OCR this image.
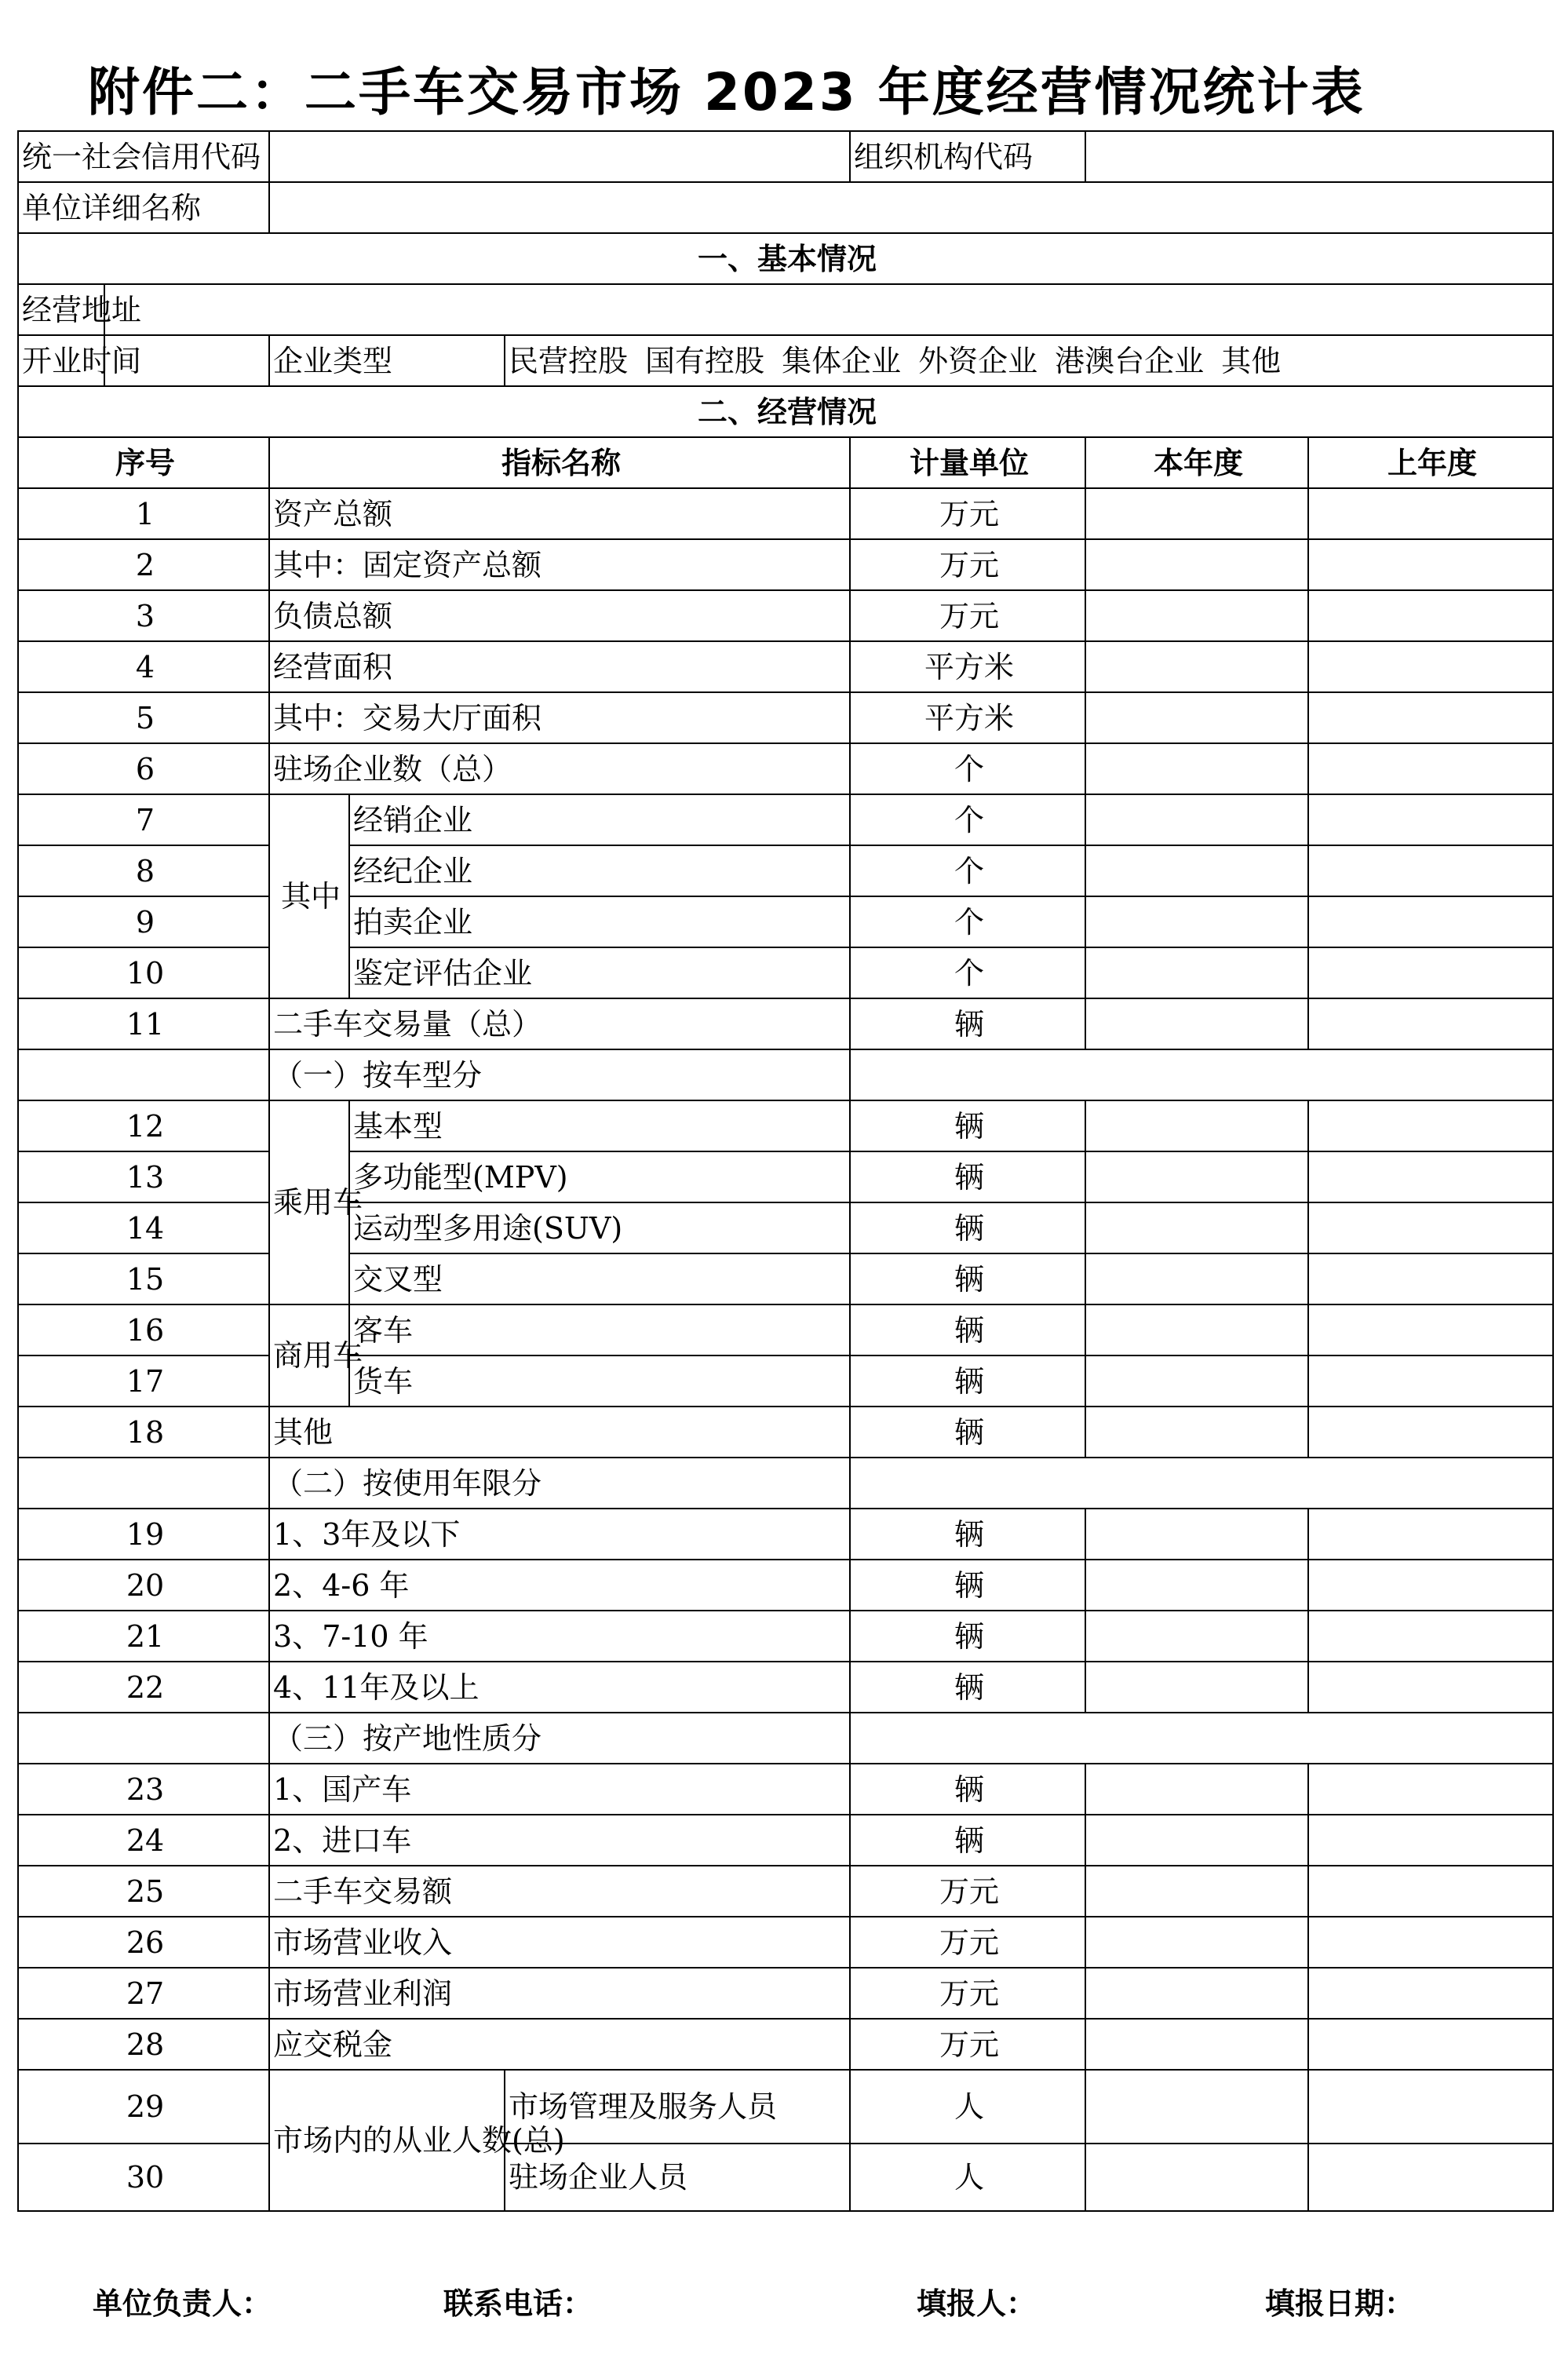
附件二：二手车交易市场 2023 年度经营情况统计表
统一社会信用代码					组织机构代码		
单位详细名称							
一、基本情况							
经营地址							
开业时间		企业类型		民营控股 国有控股 集体企业 外资企业 港澳台企业 其他			
二、经营情况							
序号		指标名称			计量单位	本年度	上年度
1		资产总额			万元		
2		其中：固定资产总额			万元		
3		负债总额			万元		
4		经营面积			平方米		
5		其中：交易大厅面积			平方米		
6		驻场企业数（总）			个		
7		其中	经销企业		个		
8			经纪企业		个		
9			拍卖企业		个		
10			鉴定评估企业		个		
11		二手车交易量（总）			辆		
		（一）按车型分					
12		乘用车	基本型		辆		
13			多功能型(MPV)		辆		
14			运动型多用途(SUV)		辆		
15			交叉型		辆		
16		商用车	客车		辆		
17			货车		辆		
18		其他			辆		
		（二）按使用年限分					
19		1、3年及以下			辆		
20		2、4-6 年			辆		
21		3、7-10 年			辆		
22		4、11年及以上			辆		
		（三）按产地性质分					
23		1、国产车			辆		
24		2、进口车			辆		
25		二手车交易额			万元		
26		市场营业收入			万元		
27		市场营业利润			万元		
28		应交税金			万元		
29		市场内的从业人数(总)		市场管理及服务人员	人		
30				驻场企业人员	人		
单位负责人：	联系电话：	填报人：	填报日期：
